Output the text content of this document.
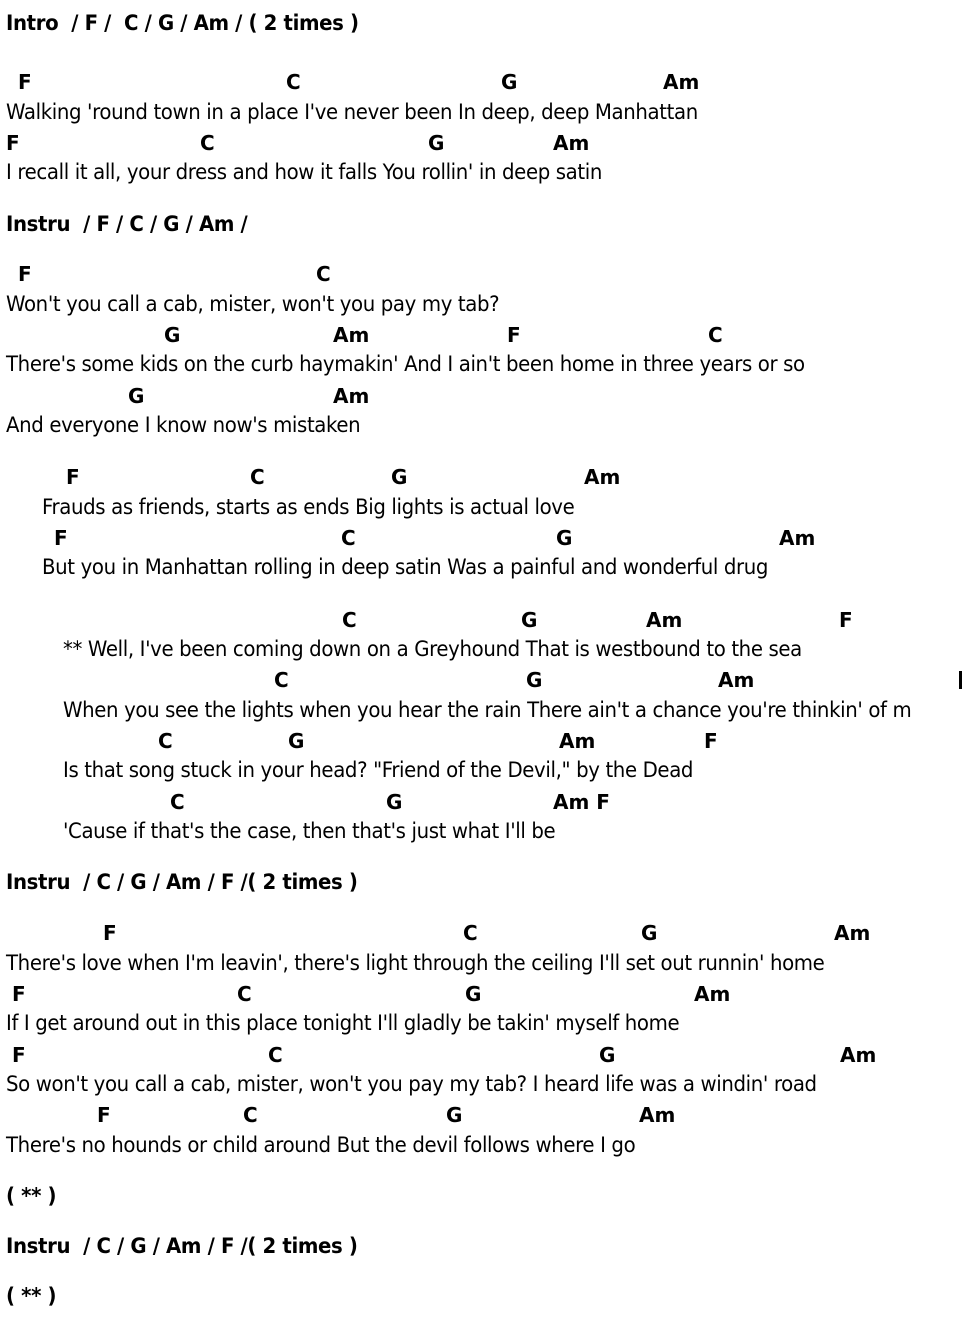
Intro  / F /  C / G / Am / ( 2 times )
F	C	G	Am
Walking 'round town in a place I've never been In deep, deep Manhattan
F	C	G	Am
I recall it all, your dress and how it falls You rollin' in deep satin
Instru  / F / C / G / Am /
F	C
Won't you call a cab, mister, won't you pay my tab?
G	Am	F	C
There's some kids on the curb haymakin' And I ain't been home in three years or so
G	Am
And everyone I know now's mistaken
F	C	G	Am
Frauds as friends, starts as ends Big lights is actual love
F	C	G	Am
But you in Manhattan rolling in deep satin Was a painful and wonderful drug
C	G	Am	F
** Well, I've been coming down on a Greyhound That is westbound to the sea
C	G	Am
When you see the lights when you hear the rain There ain't a chance you're thinkin' of m
C	G	Am	F
Is that song stuck in your head? "Friend of the Devil," by the Dead
C	G	Am F
'Cause if that's the case, then that's just what I'll be
Instru  / C / G / Am / F /( 2 times )
F	C	G	Am
There's love when I'm leavin', there's light through the ceiling I'll set out runnin' home
F	C	G	Am
If I get around out in this place tonight I'll gladly be takin' myself home
F	C	G	Am
So won't you call a cab, mister, won't you pay my tab? I heard life was a windin' road
F	C	G	Am
There's no hounds or child around But the devil follows where I go
( ** )
Instru  / C / G / Am / F /( 2 times )
( ** )
